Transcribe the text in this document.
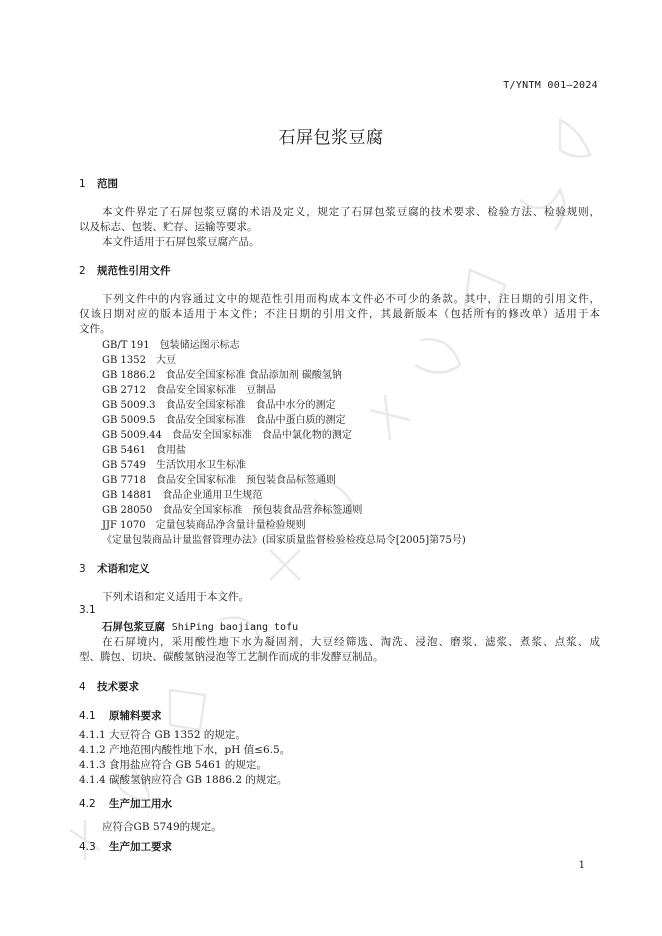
T/YNTM 001—2024
石屏包浆豆腐
1 范围
本文件界定了石屏包浆豆腐的术语及定义，规定了石屏包浆豆腐的技术要求、检验方法、检验规则，
以及标志、包装、贮存、运输等要求。
本文件适用于石屏包浆豆腐产品。
2 规范性引用文件
下列文件中的内容通过文中的规范性引用而构成本文件必不可少的条款。其中，注日期的引用文件，
仅该日期对应的版本适用于本文件；不注日期的引用文件，其最新版本（包括所有的修改单）适用于本
文件。
GB/T 191　包装储运图示标志
GB 1352　大豆
GB 1886.2　食品安全国家标准 食品添加剂 碳酸氢钠
GB 2712　食品安全国家标准　豆制品
GB 5009.3　食品安全国家标准　食品中水分的测定
GB 5009.5　食品安全国家标准　食品中蛋白质的测定
GB 5009.44　食品安全国家标准　食品中氯化物的测定
GB 5461　食用盐
GB 5749　生活饮用水卫生标准
GB 7718　食品安全国家标准　预包装食品标签通则
GB 14881　食品企业通用卫生规范
GB 28050　食品安全国家标准　预包装食品营养标签通则
JJF 1070　定量包装商品净含量计量检验规则
《定量包装商品计量监督管理办法》(国家质量监督检验检疫总局令[2005]第75号)
3 术语和定义
下列术语和定义适用于本文件。
3.1
石屏包浆豆腐 ShiPing baojiang tofu
在石屏境内，采用酸性地下水为凝固剂，大豆经筛选、淘洗、浸泡、磨浆、滤浆、煮浆、点浆、成
型、腾包、切块、碳酸氢钠浸泡等工艺制作而成的非发酵豆制品。
4 技术要求
4.1 原辅料要求
4.1.1 大豆符合 GB 1352 的规定。
4.1.2 产地范围内酸性地下水，pH 值≤6.5。
4.1.3 食用盐应符合 GB 5461 的规定。
4.1.4 碳酸氢钠应符合 GB 1886.2 的规定。
4.2 生产加工用水
应符合GB 5749的规定。
4.3 生产加工要求
1
